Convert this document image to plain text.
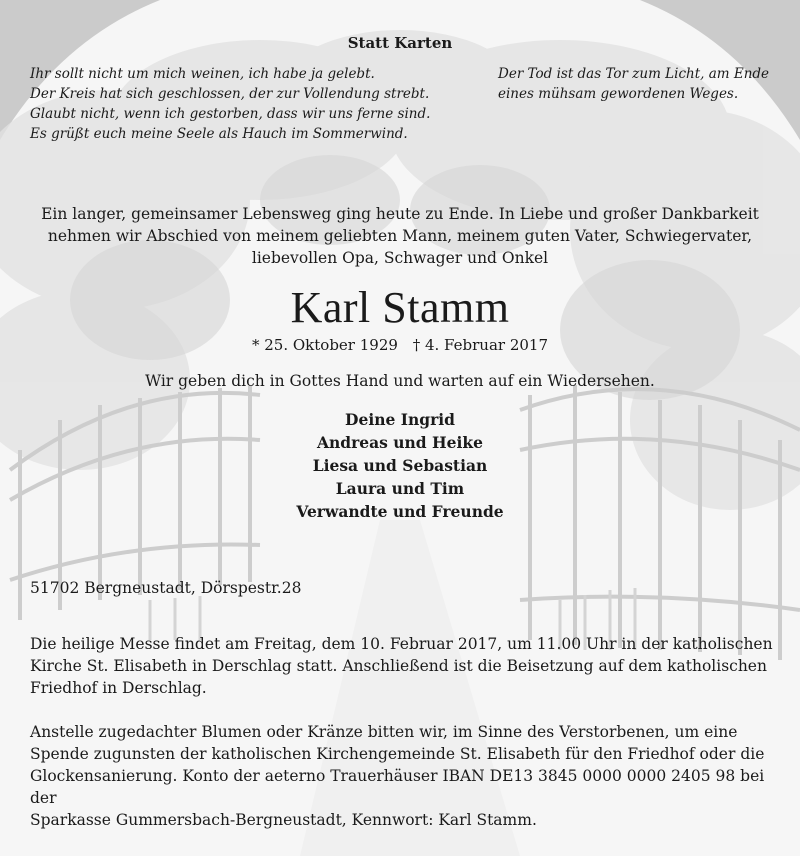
Statt Karten
Ihr sollt nicht um mich weinen, ich habe ja gelebt.
Der Kreis hat sich geschlossen, der zur Vollendung strebt.
Glaubt nicht, wenn ich gestorben, dass wir uns ferne sind.
Es grüßt euch meine Seele als Hauch im Sommerwind.
Der Tod ist das Tor zum Licht, am Ende
eines mühsam gewordenen Weges.
Ein langer, gemeinsamer Lebensweg ging heute zu Ende. In Liebe und großer Dankbarkeit
nehmen wir Abschied von meinem geliebten Mann, meinem guten Vater, Schwiegervater,
liebevollen Opa, Schwager und Onkel
Karl Stamm
* 25. Oktober 1929 † 4. Februar 2017
Wir geben dich in Gottes Hand und warten auf ein Wiedersehen.
Deine Ingrid
Andreas und Heike
Liesa und Sebastian
Laura und Tim
Verwandte und Freunde
51702 Bergneustadt, Dörspestr.28
Die heilige Messe findet am Freitag, dem 10. Februar 2017, um 11.00 Uhr in der katholischen
Kirche St. Elisabeth in Derschlag statt. Anschließend ist die Beisetzung auf dem katholischen
Friedhof in Derschlag.
Anstelle zugedachter Blumen oder Kränze bitten wir, im Sinne des Verstorbenen, um eine
Spende zugunsten der katholischen Kirchengemeinde St. Elisabeth für den Friedhof oder die
Glockensanierung. Konto der aeterno Trauerhäuser IBAN DE13 3845 0000 0000 2405 98 bei der
Sparkasse Gummersbach-Bergneustadt, Kennwort: Karl Stamm.
